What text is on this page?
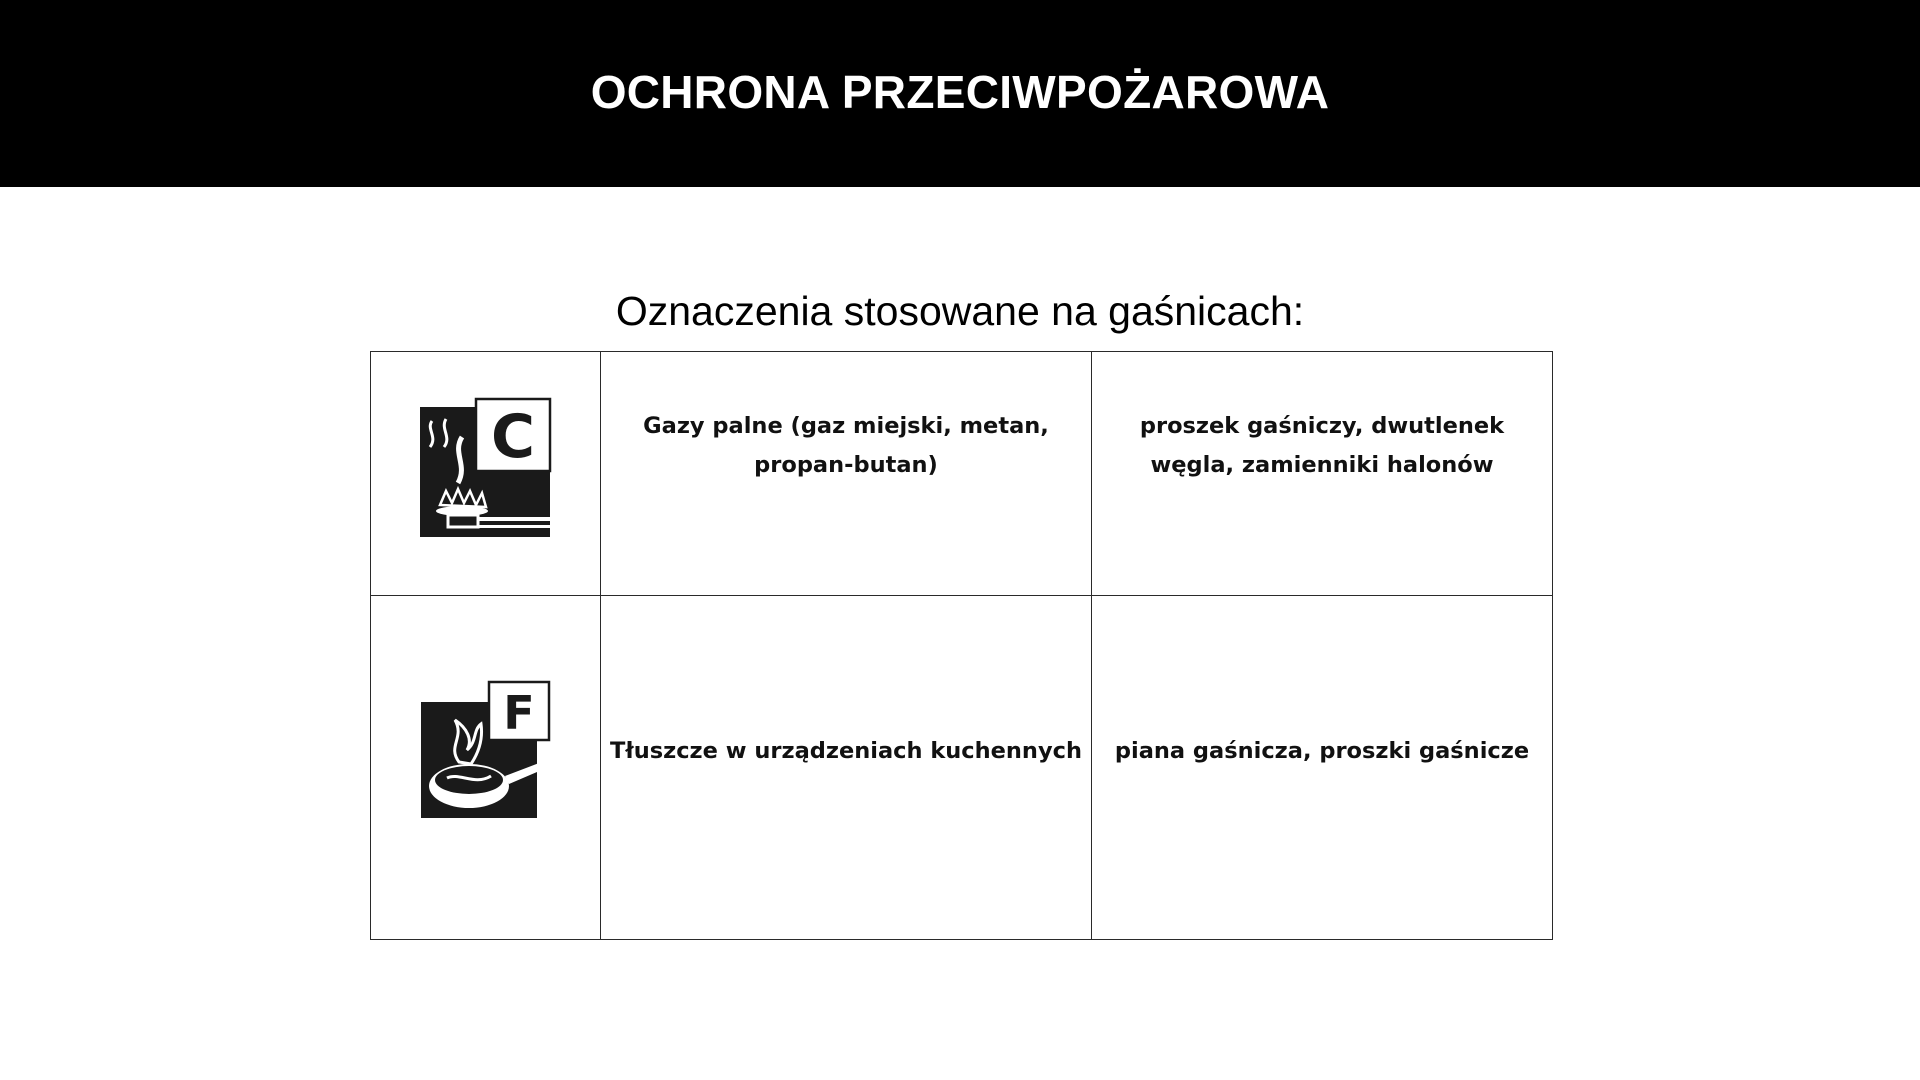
OCHRONA PRZECIWPOŻAROWA
Oznaczenia stosowane na gaśnicach:
C	Gazy palne (gaz miejski, metan, propan-butan)	proszek gaśniczy, dwutlenek węgla, zamienniki halonów

F	Tłuszcze w urządzeniach kuchennych	piana gaśnicza, proszki gaśnicze
